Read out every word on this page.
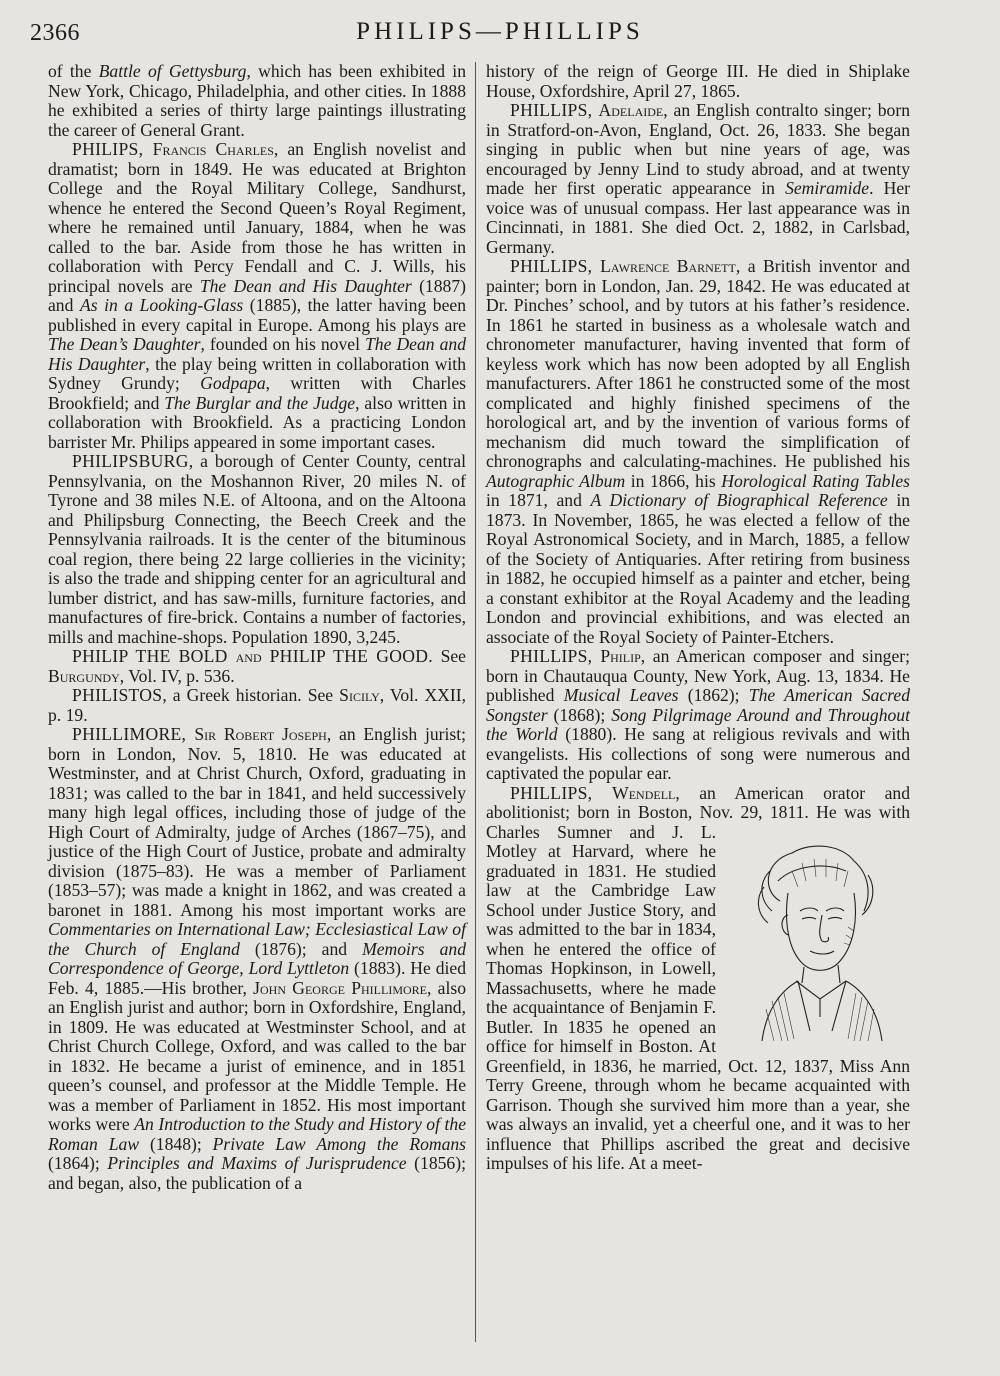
2366	PHILIPS—PHILLIPS

of the Battle of Gettysburg, which has been exhibited in New York, Chicago, Philadelphia, and other cities. In 1888 he exhibited a series of thirty large paintings illustrating the career of General Grant.

PHILIPS, Francis Charles, an English novelist and dramatist; born in 1849. He was educated at Brighton College and the Royal Military College, Sandhurst, whence he entered the Second Queen’s Royal Regiment, where he remained until January, 1884, when he was called to the bar. Aside from those he has written in collaboration with Percy Fendall and C. J. Wills, his principal novels are The Dean and His Daughter (1887) and As in a Looking-Glass (1885), the latter having been published in every capital in Europe. Among his plays are The Dean’s Daughter, founded on his novel The Dean and His Daughter, the play being written in collaboration with Sydney Grundy; Godpapa, written with Charles Brookfield; and The Burglar and the Judge, also written in collaboration with Brookfield. As a practicing London barrister Mr. Philips appeared in some important cases.

PHILIPSBURG, a borough of Center County, central Pennsylvania, on the Moshannon River, 20 miles N. of Tyrone and 38 miles N.E. of Altoona, and on the Altoona and Philipsburg Connecting, the Beech Creek and the Pennsylvania railroads. It is the center of the bituminous coal region, there being 22 large collieries in the vicinity; is also the trade and shipping center for an agricultural and lumber district, and has saw-mills, furniture factories, and manufactures of fire-brick. Contains a number of factories, mills and machine-shops. Population 1890, 3,245.

PHILIP THE BOLD and PHILIP THE GOOD. See Burgundy, Vol. IV, p. 536.

PHILISTOS, a Greek historian. See Sicily, Vol. XXII, p. 19.

PHILLIMORE, Sir Robert Joseph, an English jurist; born in London, Nov. 5, 1810. He was educated at Westminster, and at Christ Church, Oxford, graduating in 1831; was called to the bar in 1841, and held successively many high legal offices, including those of judge of the High Court of Admiralty, judge of Arches (1867–75), and justice of the High Court of Justice, probate and admiralty division (1875–83). He was a member of Parliament (1853–57); was made a knight in 1862, and was created a baronet in 1881. Among his most important works are Commentaries on International Law; Ecclesiastical Law of the Church of England (1876); and Memoirs and Correspondence of George, Lord Lyttleton (1883). He died Feb. 4, 1885.—His brother, John George Phillimore, also an English jurist and author; born in Oxfordshire, England, in 1809. He was educated at Westminster School, and at Christ Church College, Oxford, and was called to the bar in 1832. He became a jurist of eminence, and in 1851 queen’s counsel, and professor at the Middle Temple. He was a member of Parliament in 1852. His most important works were An Introduction to the Study and History of the Roman Law (1848); Private Law Among the Romans (1864); Principles and Maxims of Jurisprudence (1856); and began, also, the publication of a

history of the reign of George III. He died in Shiplake House, Oxfordshire, April 27, 1865.

PHILLIPS, Adelaide, an English contralto singer; born in Stratford-on-Avon, England, Oct. 26, 1833. She began singing in public when but nine years of age, was encouraged by Jenny Lind to study abroad, and at twenty made her first operatic appearance in Semiramide. Her voice was of unusual compass. Her last appearance was in Cincinnati, in 1881. She died Oct. 2, 1882, in Carlsbad, Germany.

PHILLIPS, Lawrence Barnett, a British inventor and painter; born in London, Jan. 29, 1842. He was educated at Dr. Pinches’ school, and by tutors at his father’s residence. In 1861 he started in business as a wholesale watch and chronometer manufacturer, having invented that form of keyless work which has now been adopted by all English manufacturers. After 1861 he constructed some of the most complicated and highly finished specimens of the horological art, and by the invention of various forms of mechanism did much toward the simplification of chronographs and calculating-machines. He published his Autographic Album in 1866, his Horological Rating Tables in 1871, and A Dictionary of Biographical Reference in 1873. In November, 1865, he was elected a fellow of the Royal Astronomical Society, and in March, 1885, a fellow of the Society of Antiquaries. After retiring from business in 1882, he occupied himself as a painter and etcher, being a constant exhibitor at the Royal Academy and the leading London and provincial exhibitions, and was elected an associate of the Royal Society of Painter-Etchers.

PHILLIPS, Philip, an American composer and singer; born in Chautauqua County, New York, Aug. 13, 1834. He published Musical Leaves (1862); The American Sacred Songster (1868); Song Pilgrimage Around and Throughout the World (1880). He sang at religious revivals and with evangelists. His collections of song were numerous and captivated the popular ear.

PHILLIPS, Wendell, an American orator and abolitionist; born in Boston, Nov. 29, 1811.
He was with Charles Sumner and J. L. Motley at Harvard, where he graduated in 1831. He studied law at the Cambridge Law School under Justice Story, and was admitted to the bar in 1834, when he entered the office of Thomas Hopkinson, in Lowell, Massachusetts, where he made the acquaintance of Benjamin F. Butler. In 1835 he opened an office for himself in Boston. At Greenfield, in 1836, he married, Oct. 12, 1837, Miss Ann Terry Greene, through whom he became acquainted with Garrison. Though she survived him more than a year, she was always an invalid, yet a cheerful one, and it was to her influence that Phillips ascribed the great and decisive impulses of his life. At a meet-
